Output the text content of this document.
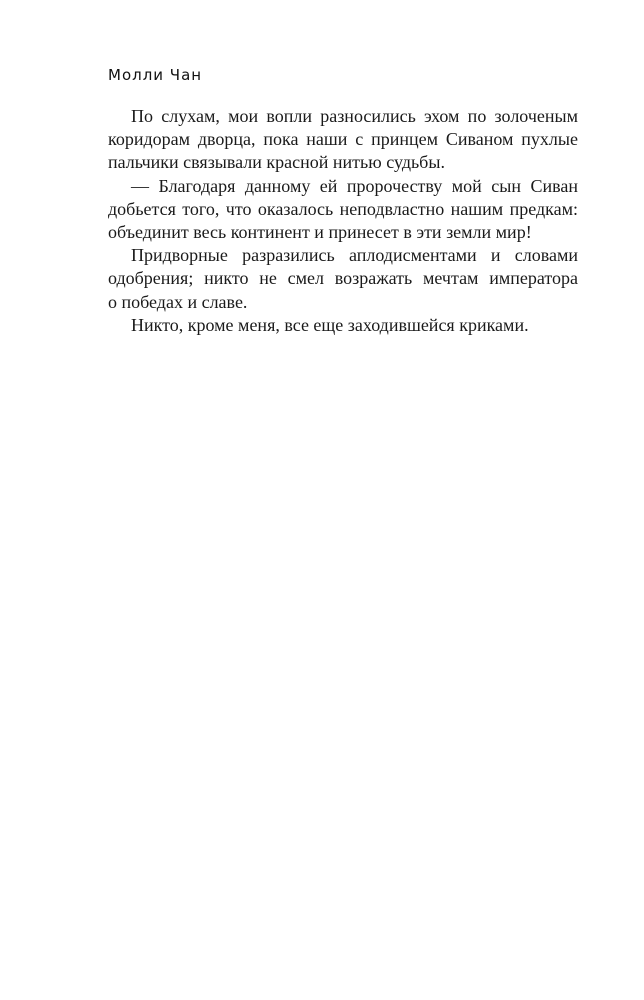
Молли Чан
По слухам, мои вопли разносились эхом по золоченым
коридорам дворца, пока наши с принцем Сиваном пухлые
пальчики связывали красной нитью судьбы.
— Благодаря данному ей пророчеству мой сын Сиван
добьется того, что оказалось неподвластно нашим предкам:
объединит весь континент и принесет в эти земли мир!
Придворные разразились аплодисментами и словами
одобрения; никто не смел возражать мечтам императора
о победах и славе.
Никто, кроме меня, все еще заходившейся криками.
